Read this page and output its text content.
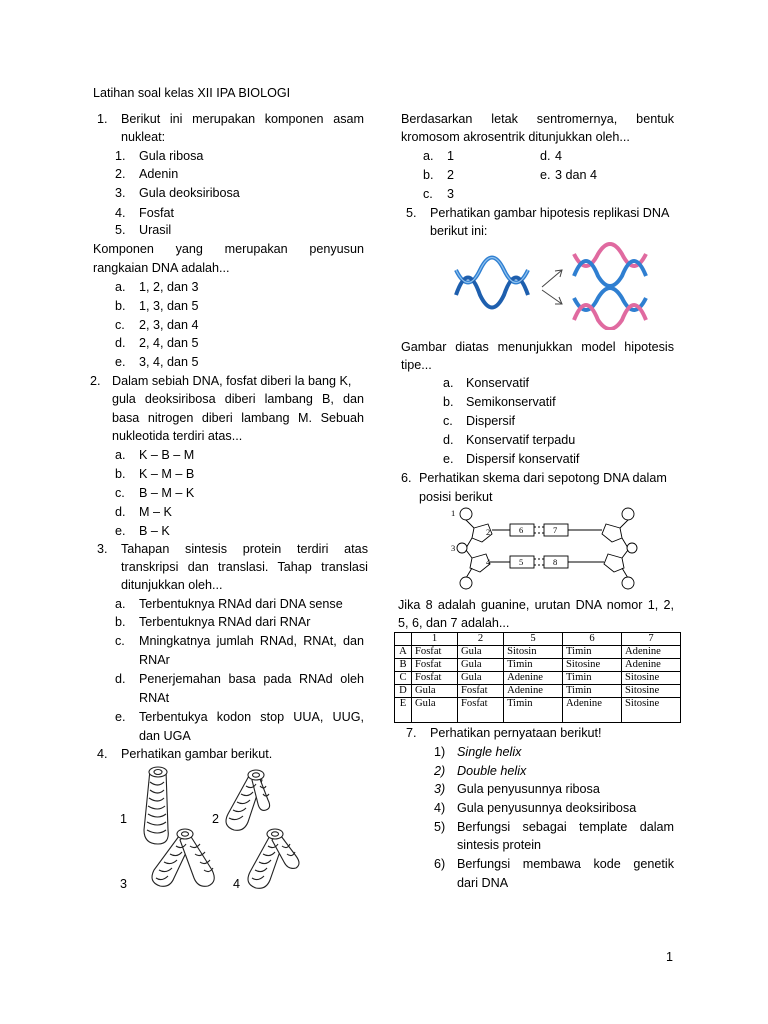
Latihan soal kelas XII IPA BIOLOGI
1. Berikut ini merupakan komponen asam
nukleat:
1. Gula ribosa
2. Adenin
3. Gula deoksiribosa
4. Fosfat
5. Urasil
Komponen yang merupakan penyusun
rangkaian DNA adalah...
a. 1, 2, dan 3
b. 1, 3, dan 5
c. 2, 3, dan 4
d. 2, 4, dan 5
e. 3, 4, dan 5
2. Dalam sebiah DNA, fosfat diberi la bang K,
gula deoksiribosa diberi lambang B, dan
basa nitrogen diberi lambang M. Sebuah
nukleotida terdiri atas...
a. K – B – M
b. K – M – B
c. B – M – K
d. M – K
e. B – K
3. Tahapan sintesis protein terdiri atas
transkripsi dan translasi. Tahap translasi
ditunjukkan oleh...
a. Terbentuknya RNAd dari DNA sense
b. Terbentuknya RNAd dari RNAr
c. Mningkatnya jumlah RNAd, RNAt, dan
RNAr
d. Penerjemahan basa pada RNAd oleh
RNAt
e. Terbentukya kodon stop UUA, UUG,
dan UGA
4. Perhatikan gambar berikut.
1	2
3	4
Berdasarkan letak sentromernya, bentuk
kromosom akrosentrik ditunjukkan oleh...
a. 1	d. 4
b. 2	e. 3 dan 4
c. 3
5. Perhatikan gambar hipotesis replikasi DNA
berikut ini:
Gambar diatas menunjukkan model hipotesis
tipe...
a. Konservatif
b. Semikonservatif
c. Dispersif
d. Konservatif terpadu
e. Dispersif konservatif
6. Perhatikan skema dari sepotong DNA dalam
posisi berikut
1
2	6	7
3
4	5	8
Jika 8 adalah guanine, urutan DNA nomor 1, 2,
5, 6, dan 7 adalah...
	1	2	5	6	7
A	Fosfat	Gula	Sitosin	Timin	Adenine
B	Fosfat	Gula	Timin	Sitosine	Adenine
C	Fosfat	Gula	Adenine	Timin	Sitosine
D	Gula	Fosfat	Adenine	Timin	Sitosine
E	Gula	Fosfat	Timin	Adenine	Sitosine
7. Perhatikan pernyataan berikut!
1) Single helix
2) Double helix
3) Gula penyusunnya ribosa
4) Gula penyusunnya deoksiribosa
5) Berfungsi sebagai template dalam
sintesis protein
6) Berfungsi membawa kode genetik
dari DNA
1
